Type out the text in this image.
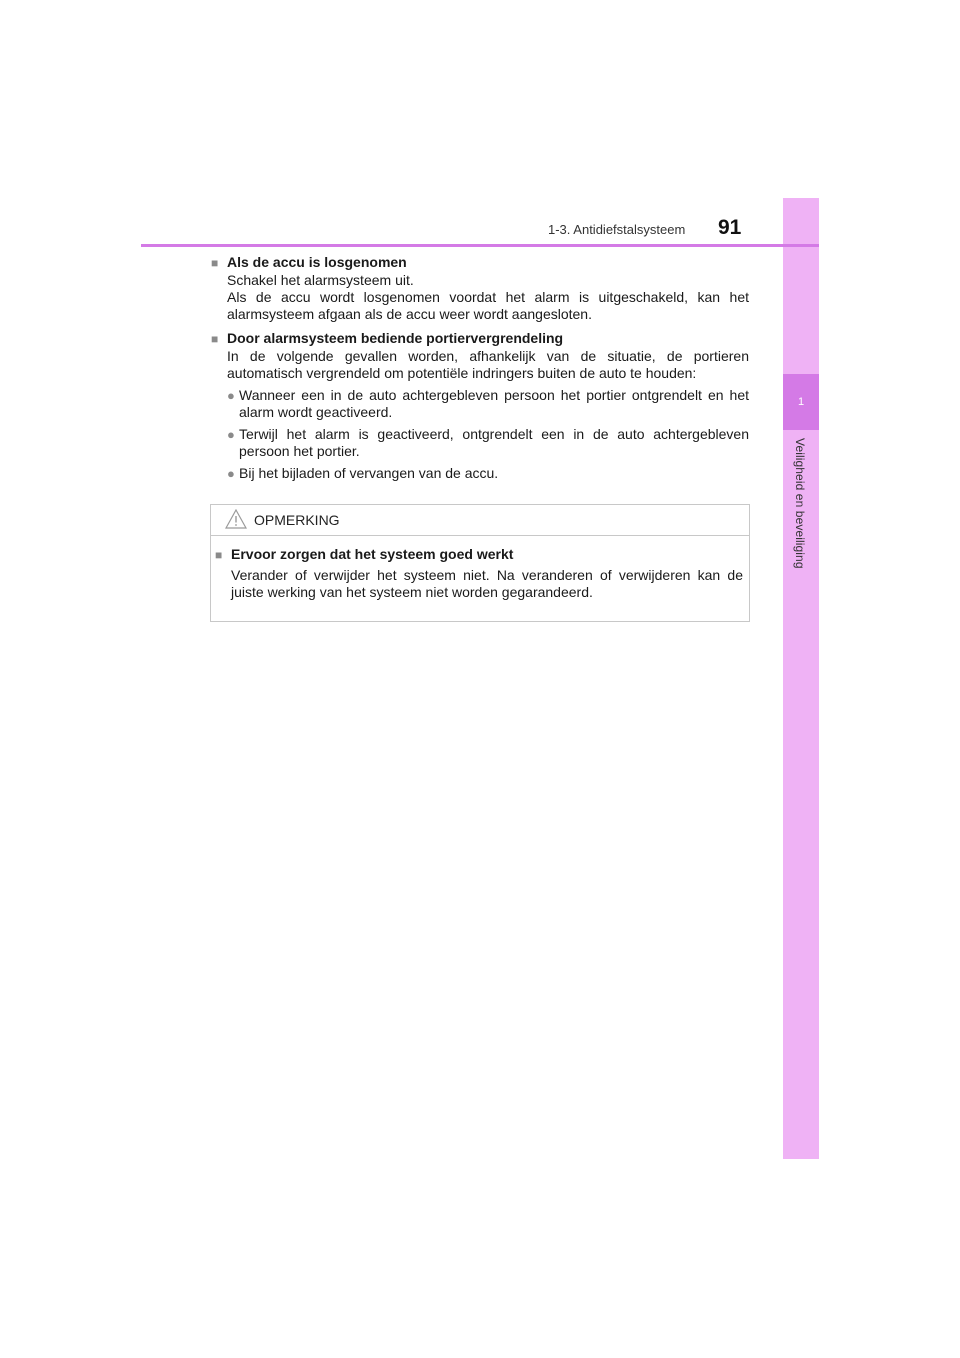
1
Veiligheid en beveiliging
1-3. Antidiefstalsysteem 91
■ Als de accu is losgenomen
Schakel het alarmsysteem uit.
Als de accu wordt losgenomen voordat het alarm is uitgeschakeld, kan het alarmsysteem afgaan als de accu weer wordt aangesloten.
■ Door alarmsysteem bediende portiervergrendeling
In de volgende gevallen worden, afhankelijk van de situatie, de portieren automatisch vergrendeld om potentiële indringers buiten de auto te houden:
● Wanneer een in de auto achtergebleven persoon het portier ontgrendelt en het alarm wordt geactiveerd.
● Terwijl het alarm is geactiveerd, ontgrendelt een in de auto achtergebleven persoon het portier.
● Bij het bijladen of vervangen van de accu.
OPMERKING
■ Ervoor zorgen dat het systeem goed werkt
Verander of verwijder het systeem niet. Na veranderen of verwijderen kan de juiste werking van het systeem niet worden gegarandeerd.
